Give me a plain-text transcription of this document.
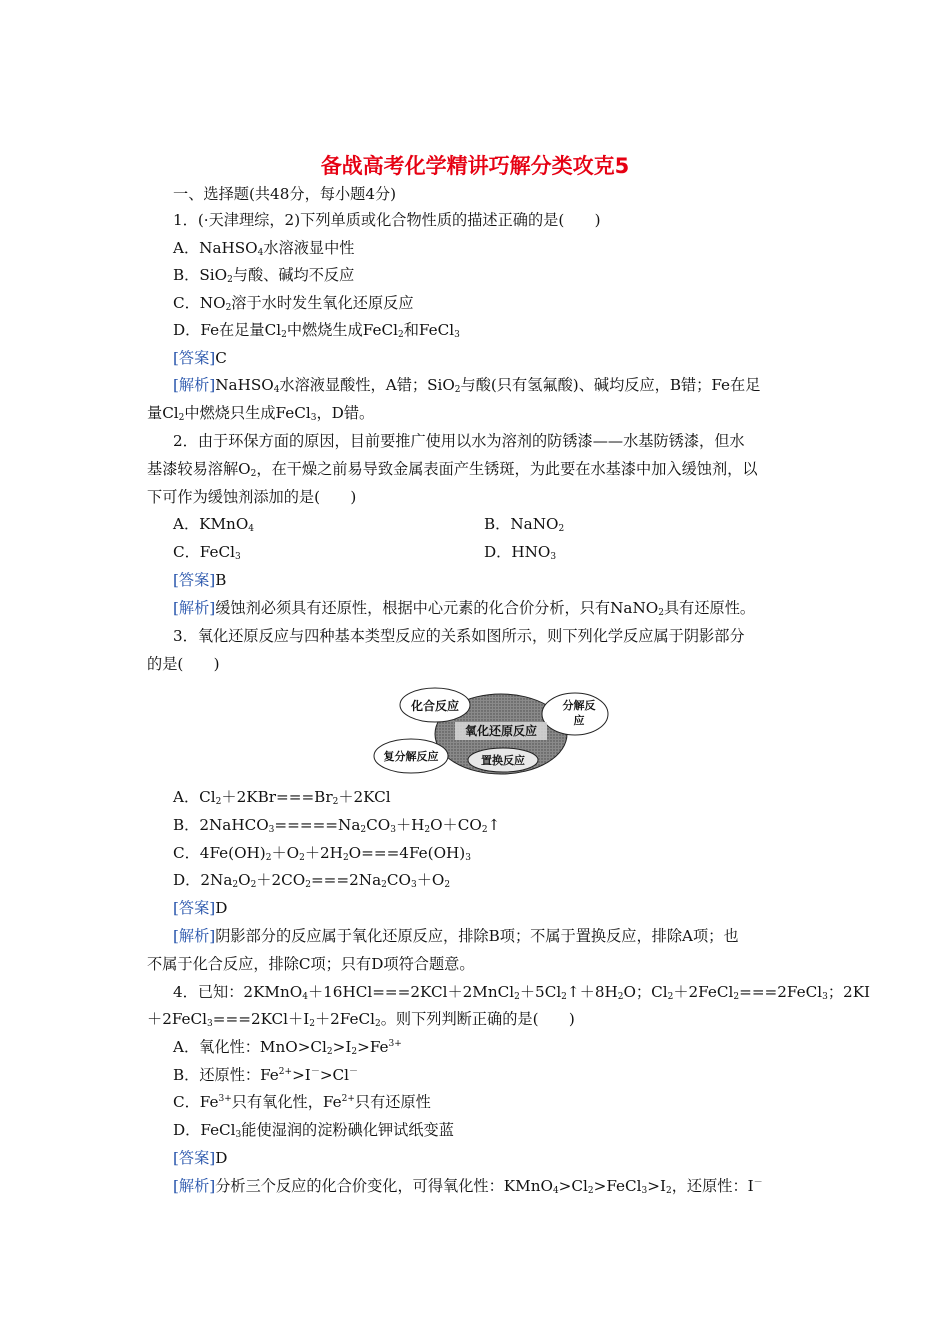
备战高考化学精讲巧解分类攻克5
一、选择题(共48分，每小题4分)
1．(·天津理综，2)下列单质或化合物性质的描述正确的是(　　)
A．NaHSO$_4$水溶液显中性
B．SiO$_2$与酸、碱均不反应
C．$NO_2$溶于水时发生氧化还原反应
D．Fe在足量$Cl_2$中燃烧生成FeCl$_2$和FeCl$_3$
[答案]C
[解析]NaHSO$_4$水溶液显酸性，A错；SiO$_2$与酸(只有氢氟酸)、碱均反应，B错；Fe在足
量$Cl_2$中燃烧只生成FeCl$_3$，D错。
2．由于环保方面的原因，目前要推广使用以水为溶剂的防锈漆——水基防锈漆，但水
基漆较易溶解$O_2$，在干燥之前易导致金属表面产生锈斑，为此要在水基漆中加入缓蚀剂，以
下可作为缓蚀剂添加的是(　　)
A．KMnO$_4$	B．NaNO$_2$
C．FeCl$_3$	D．$HNO_3$
[答案]B
[解析]缓蚀剂必须具有还原性，根据中心元素的化合价分析，只有NaNO$_2$具有还原性。
3．氧化还原反应与四种基本类型反应的关系如图所示，则下列化学反应属于阴影部分
的是(　　)
化合反应	分解反
应
氧化还原反应
复分解反应	置换反应
A．$Cl_2+2KBr===Br_2+2KCl$
B．$2NaHCO_3=====Na_2CO_3+H_2O+CO_2↑$
C．$4Fe(OH)_2+O_2+2H_2O===4Fe(OH)_3$
D．$2Na_2O_2+2CO_2===2Na_2CO_3+O_2$
[答案]D
[解析]阴影部分的反应属于氧化还原反应，排除B项；不属于置换反应，排除A项；也
不属于化合反应，排除C项；只有D项符合题意。
4．已知：$2KMnO_4+16HCl===2KCl+2MnCl_2+5Cl_2↑+8H_2O$；$Cl_2+2FeCl_2===2FeCl_3$；2KI
$+2FeCl_3===2KCl+I_2+2FeCl_2$。则下列判断正确的是(　　)
A．氧化性：$MnO>Cl_2>I_2>Fe^{3+}$
B．还原性：$Fe^{2+}>I^->Cl^-$
C．$Fe^{3+}$只有氧化性，$Fe^{2+}$只有还原性
D．FeCl$_3$能使湿润的淀粉碘化钾试纸变蓝
[答案]D
[解析]分析三个反应的化合价变化，可得氧化性：$KMnO_4>Cl_2>FeCl_3>I_2$，还原性：I－
